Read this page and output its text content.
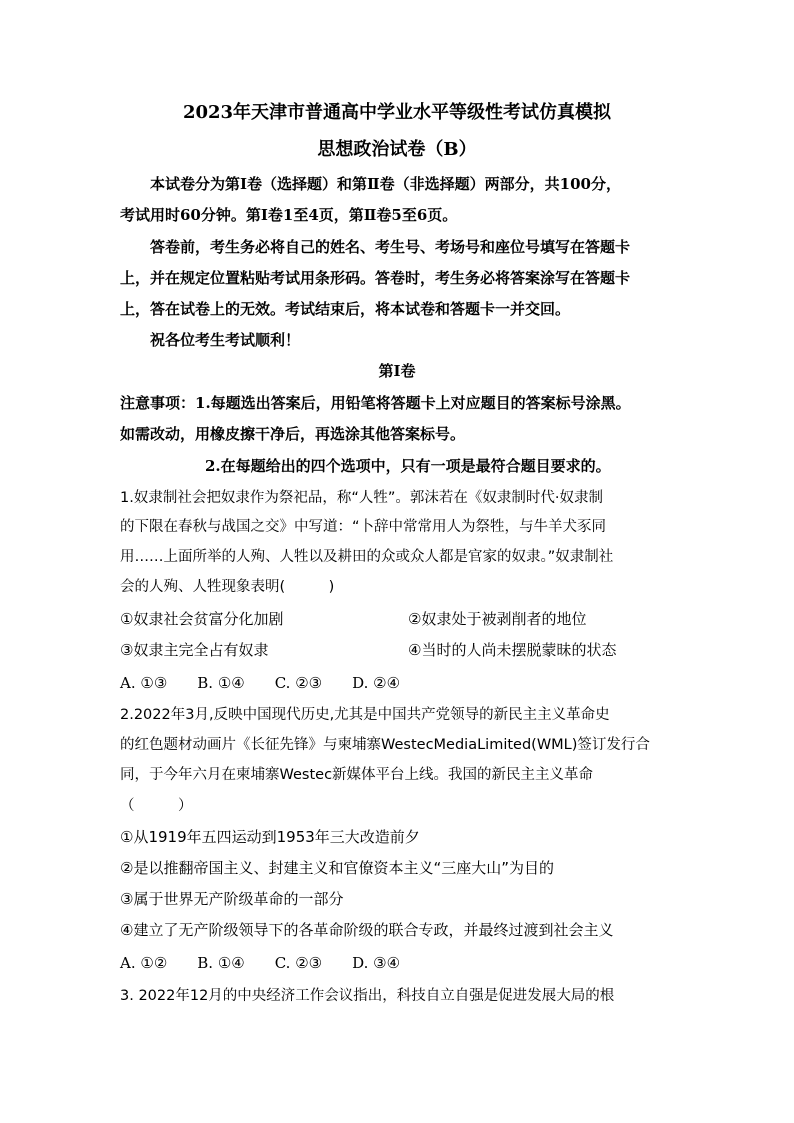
2023年天津市普通高中学业水平等级性考试仿真模拟
思想政治试卷（B）
本试卷分为第Ⅰ卷（选择题）和第Ⅱ卷（非选择题）两部分，共100分，
考试用时60分钟。第Ⅰ卷1至4页，第Ⅱ卷5至6页。
答卷前，考生务必将自己的姓名、考生号、考场号和座位号填写在答题卡
上，并在规定位置粘贴考试用条形码。答卷时，考生务必将答案涂写在答题卡
上，答在试卷上的无效。考试结束后，将本试卷和答题卡一并交回。
祝各位考生考试顺利！
第Ⅰ卷
注意事项：1.每题选出答案后，用铅笔将答题卡上对应题目的答案标号涂黑。
如需改动，用橡皮擦干净后，再选涂其他答案标号。
2.在每题给出的四个选项中，只有一项是最符合题目要求的。
1.奴隶制社会把奴隶作为祭祀品，称“人牲”。郭沫若在《奴隶制时代·奴隶制
的下限在春秋与战国之交》中写道：“卜辞中常常用人为祭牲，与牛羊犬豕同
用……上面所举的人殉、人牲以及耕田的众或众人都是官家的奴隶。”奴隶制社
会的人殉、人牲现象表明(　　　)
①奴隶社会贫富分化加剧	②奴隶处于被剥削者的地位
③奴隶主完全占有奴隶	④当时的人尚未摆脱蒙昧的状态
A. ①③　　B. ①④　　C. ②③　　D. ②④
2.2022年3月,反映中国现代历史,尤其是中国共产党领导的新民主主义革命史
的红色题材动画片《长征先锋》与柬埔寨WestecMediaLimited(WML)签订发行合
同，于今年六月在柬埔寨Westec新媒体平台上线。我国的新民主主义革命
（　　　）
①从1919年五四运动到1953年三大改造前夕
②是以推翻帝国主义、封建主义和官僚资本主义“三座大山”为目的
③属于世界无产阶级革命的一部分
④建立了无产阶级领导下的各革命阶级的联合专政，并最终过渡到社会主义
A. ①②　　B. ①④　　C. ②③　　D. ③④
3. 2022年12月的中央经济工作会议指出，科技自立自强是促进发展大局的根
